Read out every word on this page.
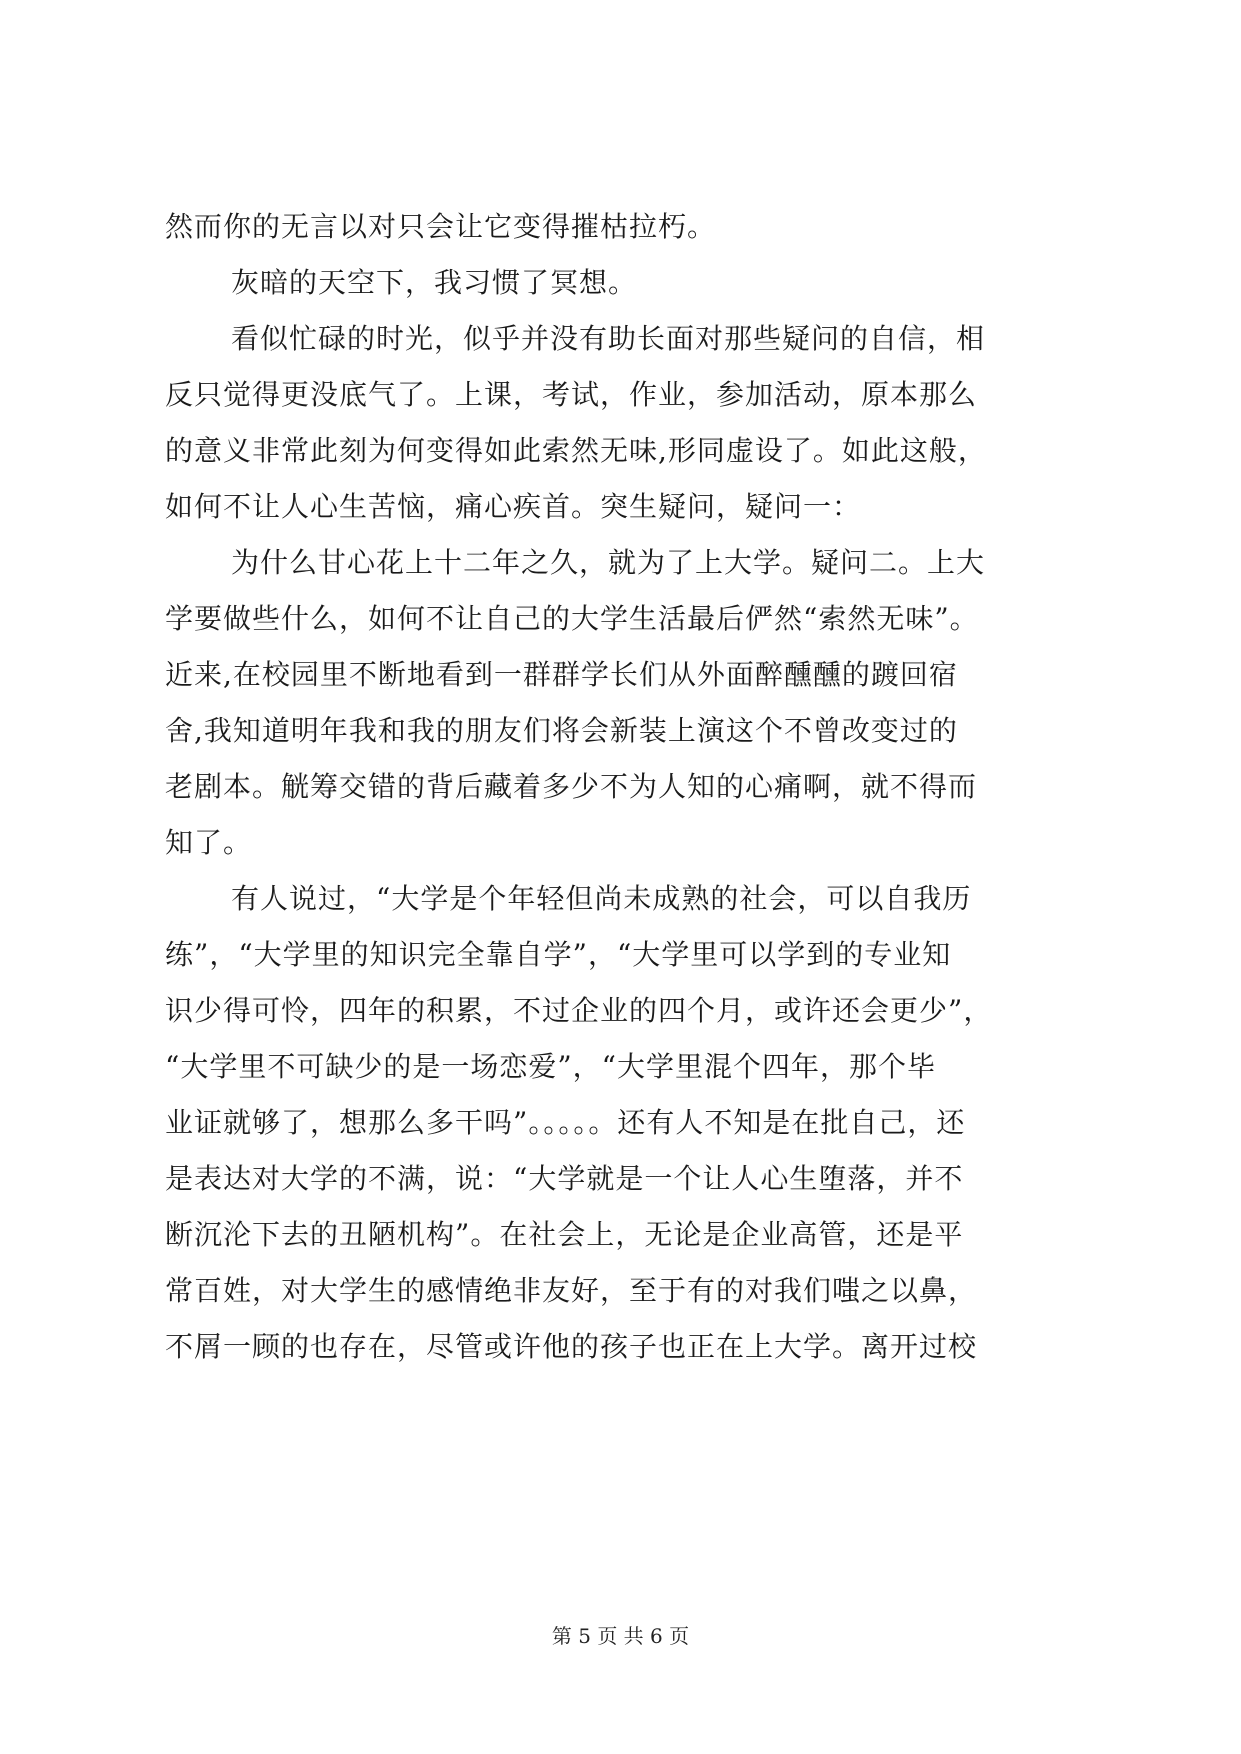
然而你的无言以对只会让它变得摧枯拉朽。
灰暗的天空下，我习惯了冥想。
看似忙碌的时光，似乎并没有助长面对那些疑问的自信，相
反只觉得更没底气了。上课，考试，作业，参加活动，原本那么
的意义非常此刻为何变得如此索然无味,形同虚设了。如此这般，
如何不让人心生苦恼，痛心疾首。突生疑问，疑问一：
为什么甘心花上十二年之久，就为了上大学。疑问二。上大
学要做些什么，如何不让自己的大学生活最后俨然“索然无味”。
近来,在校园里不断地看到一群群学长们从外面醉醺醺的踱回宿
舍,我知道明年我和我的朋友们将会新装上演这个不曾改变过的
老剧本。觥筹交错的背后藏着多少不为人知的心痛啊，就不得而
知了。
有人说过，“大学是个年轻但尚未成熟的社会，可以自我历
练”，“大学里的知识完全靠自学”，“大学里可以学到的专业知
识少得可怜，四年的积累，不过企业的四个月，或许还会更少”，
“大学里不可缺少的是一场恋爱”，“大学里混个四年，那个毕
业证就够了，想那么多干吗”。。。。。还有人不知是在批自己，还
是表达对大学的不满，说：“大学就是一个让人心生堕落，并不
断沉沦下去的丑陋机构”。在社会上，无论是企业高管，还是平
常百姓，对大学生的感情绝非友好，至于有的对我们嗤之以鼻，
不屑一顾的也存在，尽管或许他的孩子也正在上大学。离开过校
第 5 页 共 6 页
